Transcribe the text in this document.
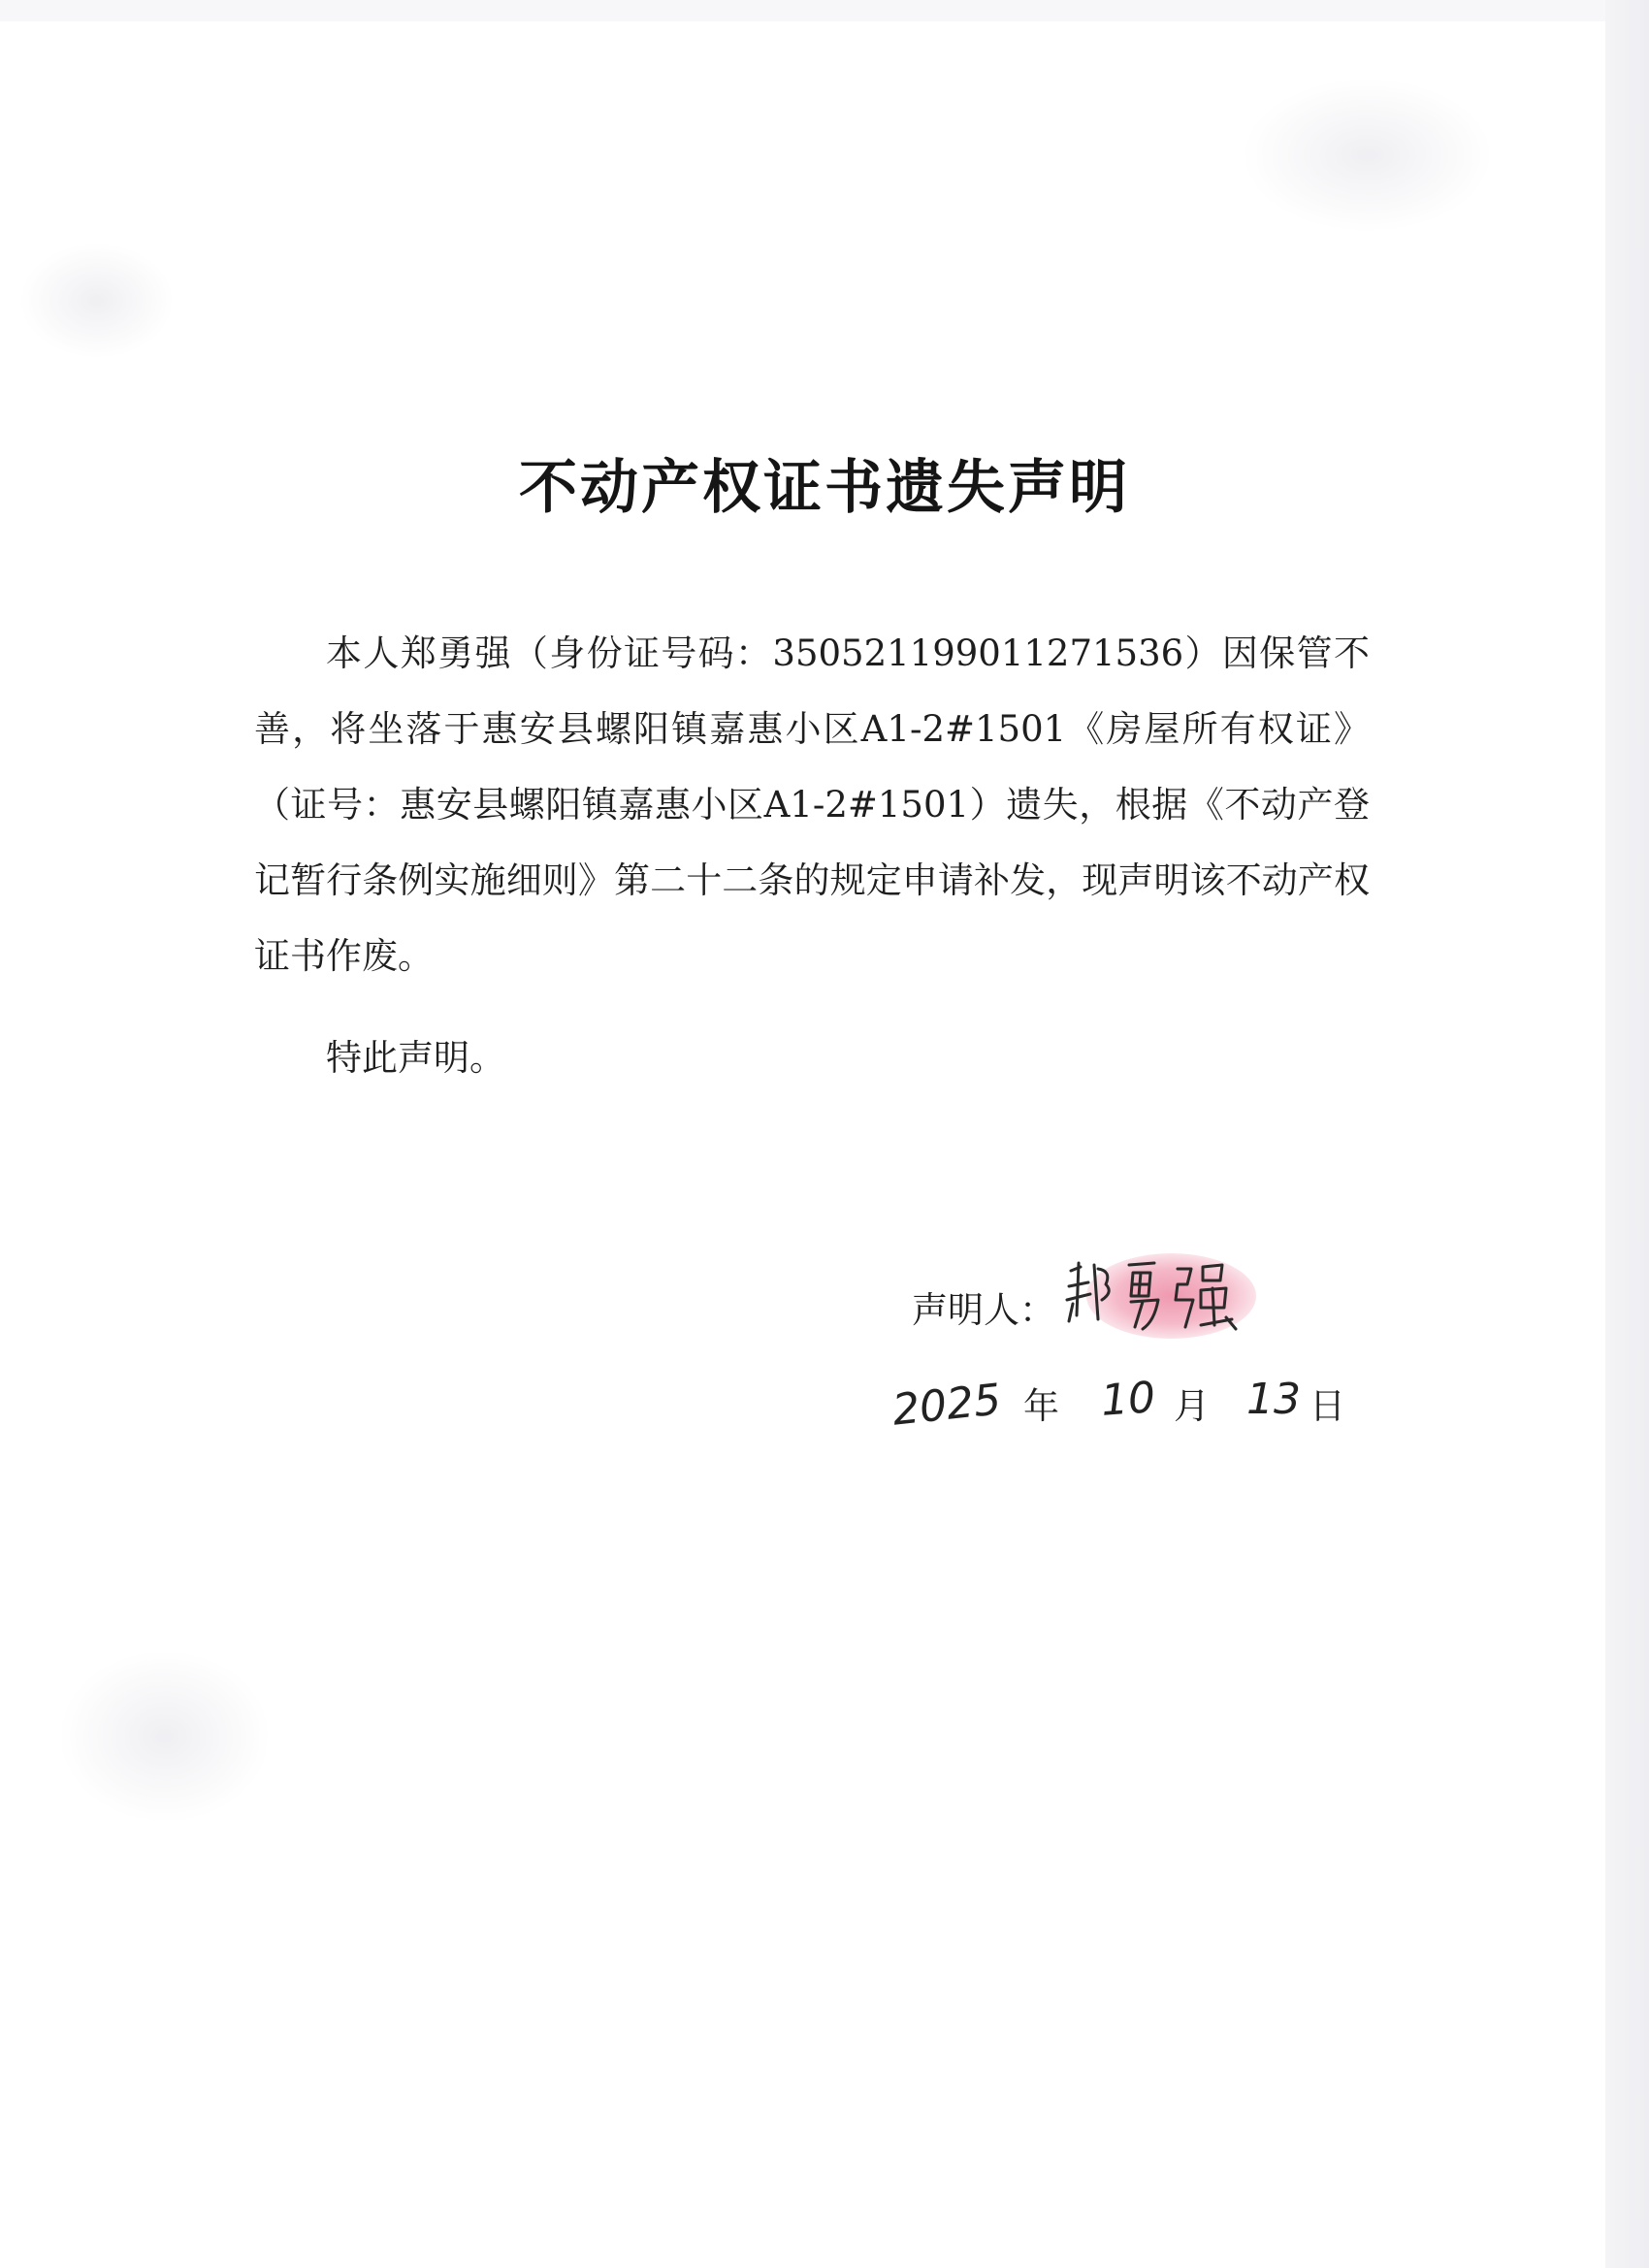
不动产权证书遗失声明

本人郑勇强（身份证号码：350521199011271536）因保管不善，将坐落于惠安县螺阳镇嘉惠小区A1-2#1501《房屋所有权证》（证号：惠安县螺阳镇嘉惠小区A1-2#1501）遗失，根据《不动产登记暂行条例实施细则》第二十二条的规定申请补发，现声明该不动产权证书作废。

特此声明。
声明人：
2025 年 10 月 13 日
